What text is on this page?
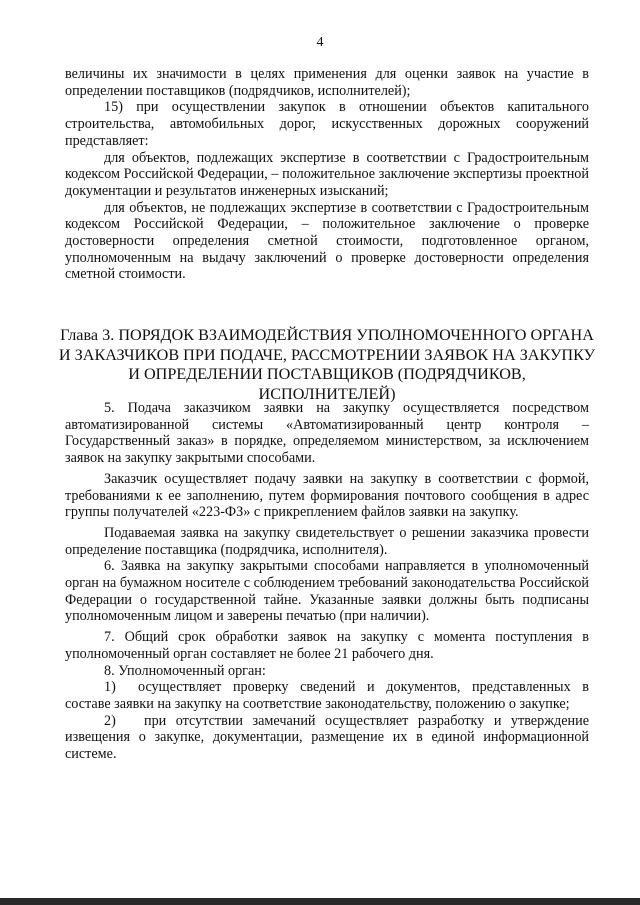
4

величины их значимости в целях применения для оценки заявок на участие в определении поставщиков (подрядчиков, исполнителей);

15) при осуществлении закупок в отношении объектов капитального строительства, автомобильных дорог, искусственных дорожных сооружений представляет:

для объектов, подлежащих экспертизе в соответствии с Градостроительным кодексом Российской Федерации, – положительное заключение экспертизы проектной документации и результатов инженерных изысканий;

для объектов, не подлежащих экспертизе в соответствии с Градостроительным кодексом Российской Федерации, – положительное заключение о проверке достоверности определения сметной стоимости, подготовленное органом, уполномоченным на выдачу заключений о проверке достоверности определения сметной стоимости.

Глава 3. ПОРЯДОК ВЗАИМОДЕЙСТВИЯ УПОЛНОМОЧЕННОГО ОРГАНА И ЗАКАЗЧИКОВ ПРИ ПОДАЧЕ, РАССМОТРЕНИИ ЗАЯВОК НА ЗАКУПКУ И ОПРЕДЕЛЕНИИ ПОСТАВЩИКОВ (ПОДРЯДЧИКОВ, ИСПОЛНИТЕЛЕЙ)

5. Подача заказчиком заявки на закупку осуществляется посредством автоматизированной системы «Автоматизированный центр контроля – Государственный заказ» в порядке, определяемом министерством, за исключением заявок на закупку закрытыми способами.

Заказчик осуществляет подачу заявки на закупку в соответствии с формой, требованиями к ее заполнению, путем формирования почтового сообщения в адрес группы получателей «223-ФЗ» с прикреплением файлов заявки на закупку.

Подаваемая заявка на закупку свидетельствует о решении заказчика провести определение поставщика (подрядчика, исполнителя).

6. Заявка на закупку закрытыми способами направляется в уполномоченный орган на бумажном носителе с соблюдением требований законодательства Российской Федерации о государственной тайне. Указанные заявки должны быть подписаны уполномоченным лицом и заверены печатью (при наличии).

7. Общий срок обработки заявок на закупку с момента поступления в уполномоченный орган составляет не более 21 рабочего дня.

8. Уполномоченный орган:

1) осуществляет проверку сведений и документов, представленных в составе заявки на закупку на соответствие законодательству, положению о закупке;

2) при отсутствии замечаний осуществляет разработку и утверждение извещения о закупке, документации, размещение их в единой информационной системе.
